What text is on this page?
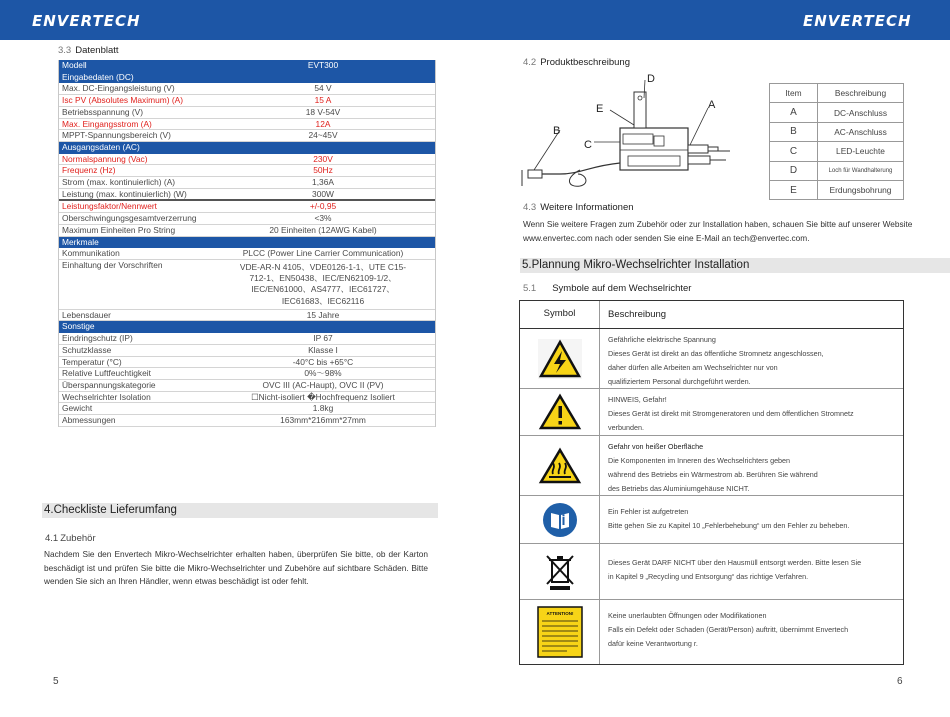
ENVERTECH	ENVERTECH
3.3 Datenblatt
Modell	EVT300
Eingabedaten (DC)
Max. DC-Eingangsleistung (V)	54 V
Isc PV (Absolutes Maximum) (A)	15 A
Betriebsspannung (V)	18 V-54V
Max. Eingangsstrom (A)	12A
MPPT-Spannungsbereich (V)	24~45V
Ausgangsdaten (AC)
Normalspannung (Vac)	230V
Frequenz (Hz)	50Hz
Strom (max. kontinuierlich) (A)	1,36A
Leistung (max. kontinuierlich) (W)	300W
Leistungsfaktor/Nennwert	+/-0,95
Oberschwingungsgesamtverzerrung	<3%
Maximum Einheiten Pro String	20 Einheiten (12AWG Kabel)
Merkmale
Kommunikation	PLCC (Power Line Carrier Communication)
Einhaltung der Vorschriften	VDE-AR-N 4105、VDE0126-1-1、UTE C15-712-1、EN50438、IEC/EN62109-1/2、IEC/EN61000、AS4777、IEC61727、IEC61683、IEC62116
Lebensdauer	15 Jahre
Sonstige
Eindringschutz (IP)	IP 67
Schutzklasse	Klasse I
Temperatur (°C)	-40°C bis +65°C
Relative Luftfeuchtigkeit	0%～98%
Überspannungskategorie	OVC III (AC-Haupt), OVC II (PV)
Wechselrichter Isolation	☐Nicht-isoliert �Hochfrequenz Isoliert
Gewicht	1.8kg
Abmessungen	163mm*216mm*27mm
4.Checkliste Lieferumfang
4.1 Zubehör
Nachdem Sie den Envertech Mikro-Wechselrichter erhalten haben, überprüfen Sie bitte, ob der Karton beschädigt ist und prüfen Sie bitte die Mikro-Wechselrichter und Zubehöre auf sichtbare Schäden. Bitte wenden Sie sich an Ihren Händler, wenn etwas beschädigt ist oder fehlt.
5
4.2 Produktbeschreibung
D
E
C
B
A
Item	Beschreibung
A	DC-Anschluss
B	AC-Anschluss
C	LED-Leuchte
D	Loch für Wandhalterung
E	Erdungsbohrung
4.3 Weitere Informationen
Wenn Sie weitere Fragen zum Zubehör oder zur Installation haben, schauen Sie bitte auf unserer Website www.envertec.com nach oder senden Sie eine E-Mail an tech@envertec.com.
5.Plannung Mikro-Wechselrichter Installation
5.1 Symbole auf dem Wechselrichter
Symbol	Beschreibung
Gefährliche elektrische Spannung
Dieses Gerät ist direkt an das öffentliche Stromnetz angeschlossen,
daher dürfen alle Arbeiten am Wechselrichter nur von
qualifiziertem Personal durchgeführt werden.
HINWEIS, Gefahr!
Dieses Gerät ist direkt mit Stromgeneratoren und dem öffentlichen Stromnetz
verbunden.
Gefahr von heißer Oberfläche
Die Komponenten im Inneren des Wechselrichters geben
während des Betriebs ein Wärmestrom ab. Berühren Sie während
des Betriebs das Aluminiumgehäuse NICHT.
Ein Fehler ist aufgetreten
Bitte gehen Sie zu Kapitel 10 „Fehlerbehebung“ um den Fehler zu beheben.
Dieses Gerät DARF NICHT über den Hausmüll entsorgt werden. Bitte lesen Sie
in Kapitel 9 „Recycling und Entsorgung“ das richtige Verfahren.
ATTENTION!	Keine unerlaubten Öffnungen oder Modifikationen
Falls ein Defekt oder Schaden (Gerät/Person) auftritt, übernimmt Envertech
dafür keine Verantwortung r.
6
